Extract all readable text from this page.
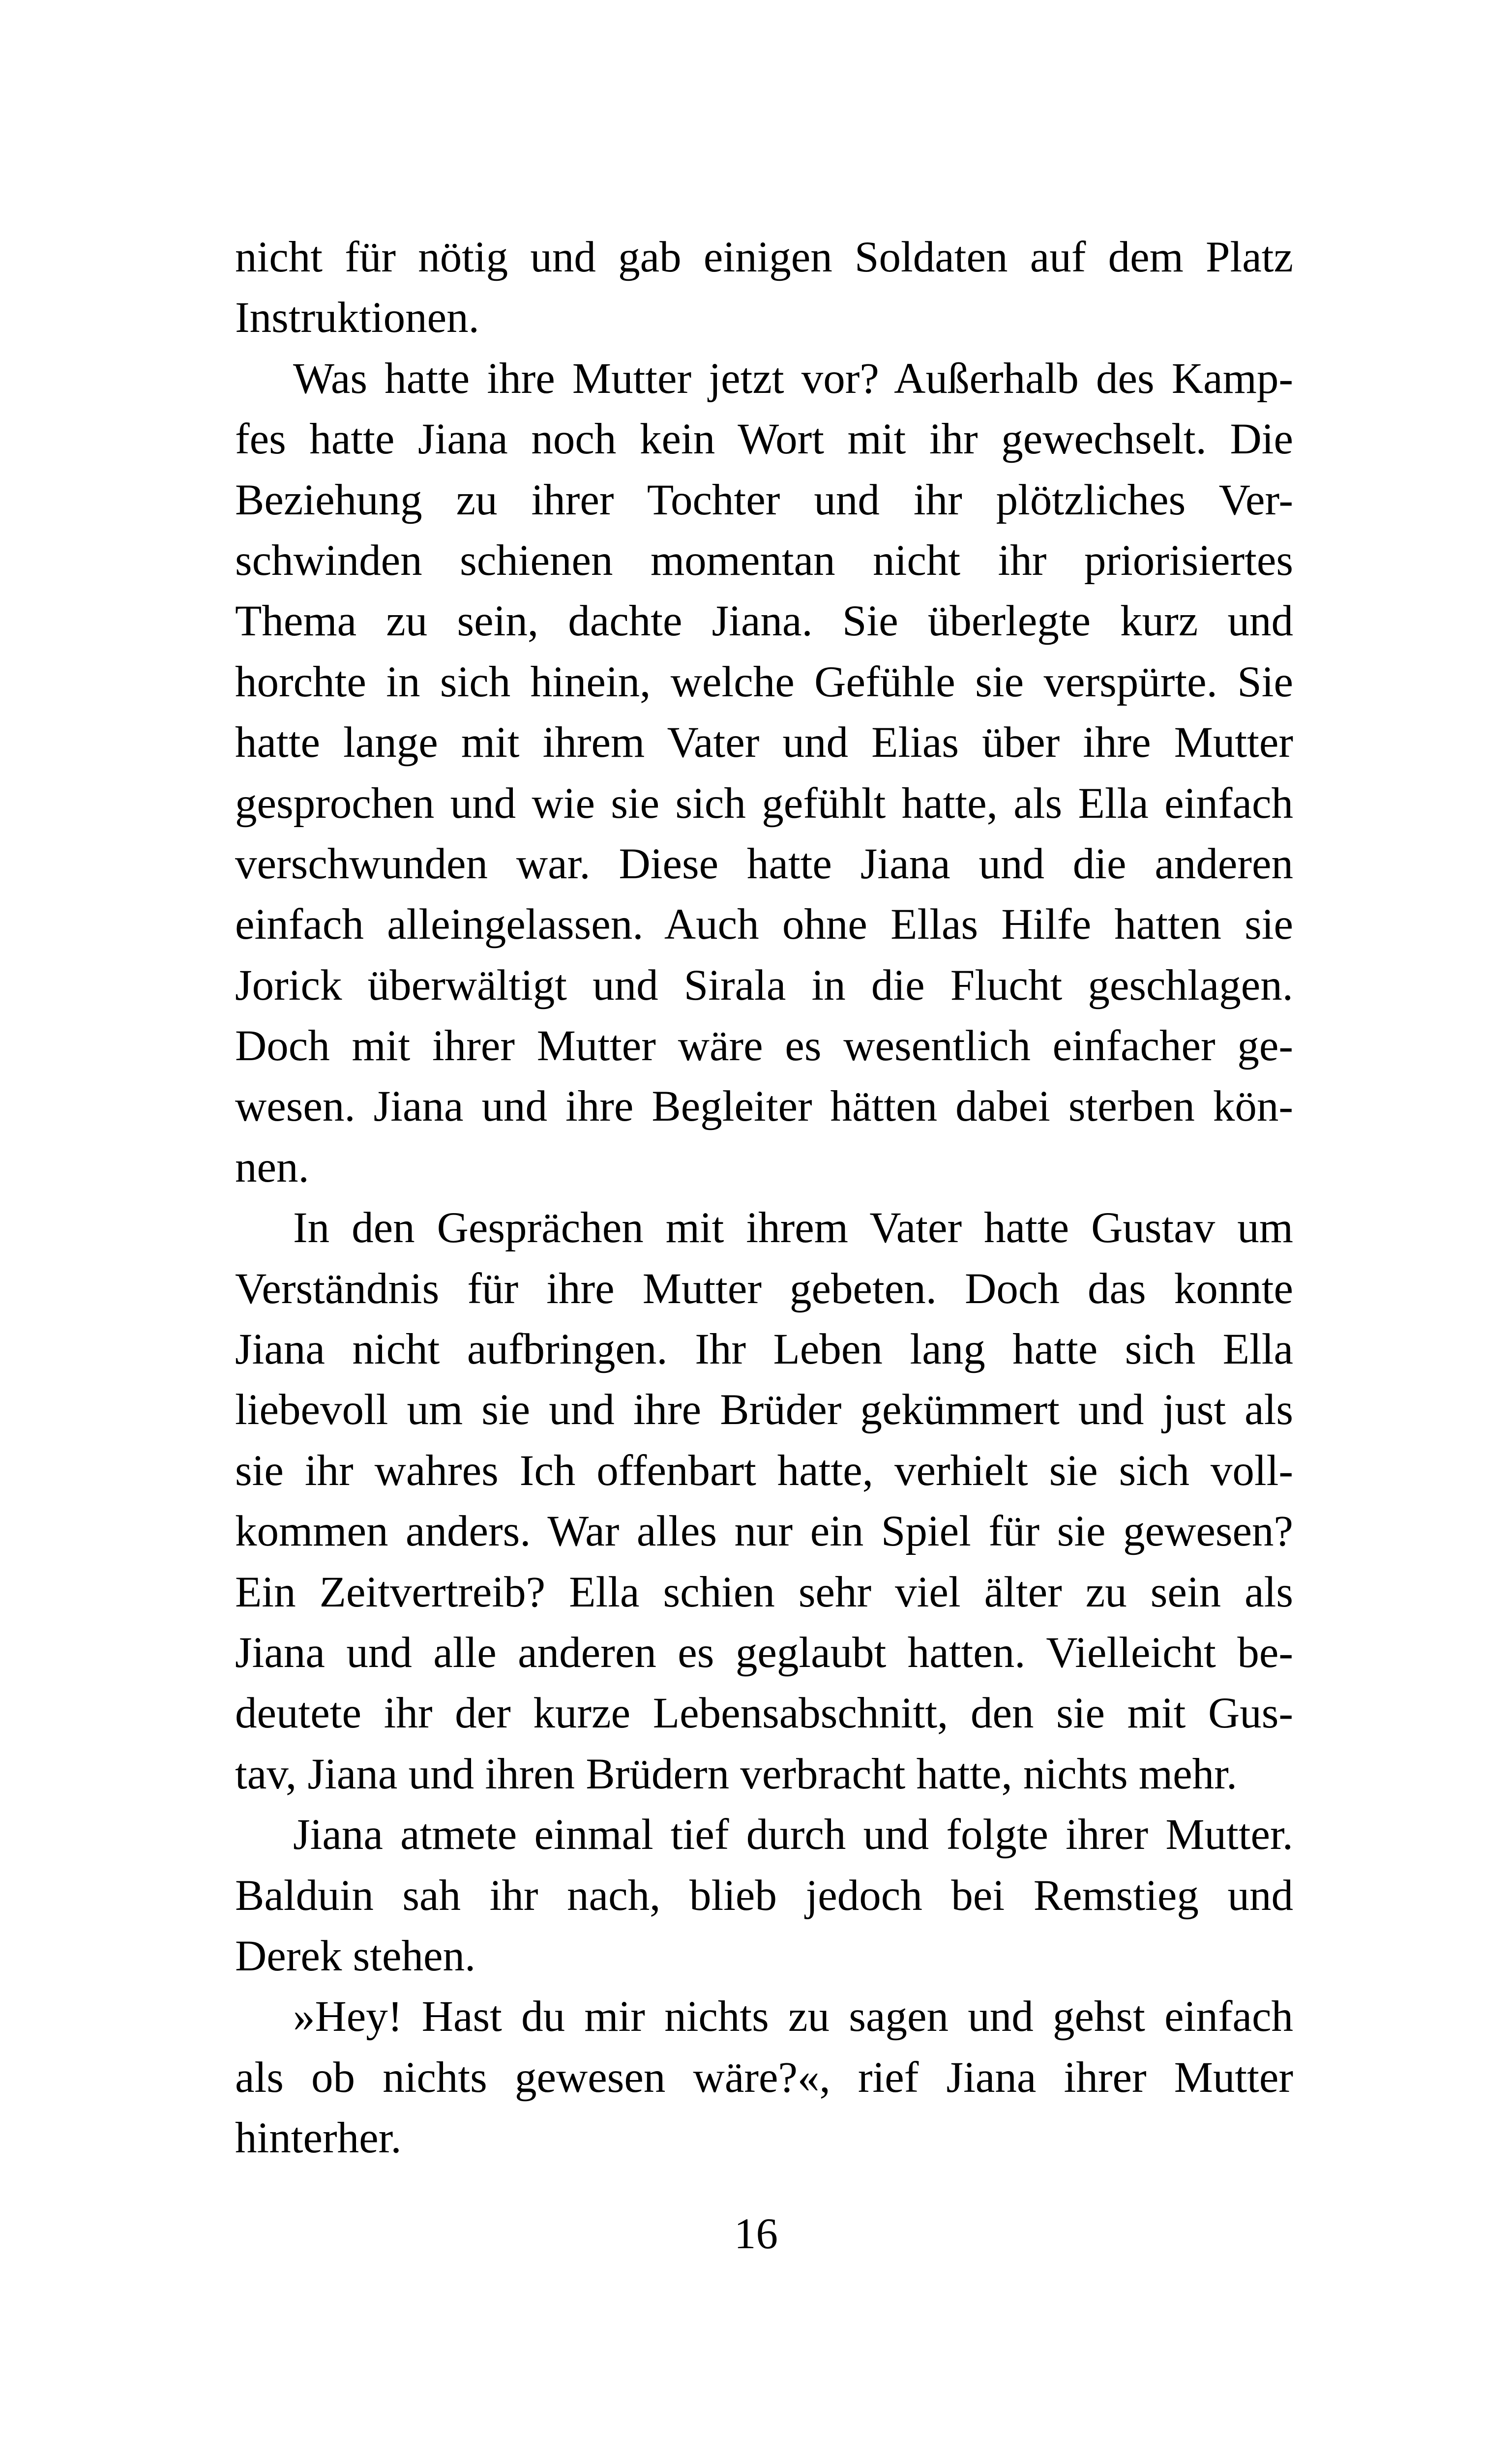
nicht für nötig und gab einigen Soldaten auf dem Platz
Instruktionen.
Was hatte ihre Mutter jetzt vor? Außerhalb des Kamp-
fes hatte Jiana noch kein Wort mit ihr gewechselt. Die
Beziehung zu ihrer Tochter und ihr plötzliches Ver-
schwinden schienen momentan nicht ihr priorisiertes
Thema zu sein, dachte Jiana. Sie überlegte kurz und
horchte in sich hinein, welche Gefühle sie verspürte. Sie
hatte lange mit ihrem Vater und Elias über ihre Mutter
gesprochen und wie sie sich gefühlt hatte, als Ella einfach
verschwunden war. Diese hatte Jiana und die anderen
einfach alleingelassen. Auch ohne Ellas Hilfe hatten sie
Jorick überwältigt und Sirala in die Flucht geschlagen.
Doch mit ihrer Mutter wäre es wesentlich einfacher ge-
wesen. Jiana und ihre Begleiter hätten dabei sterben kön-
nen.
In den Gesprächen mit ihrem Vater hatte Gustav um
Verständnis für ihre Mutter gebeten. Doch das konnte
Jiana nicht aufbringen. Ihr Leben lang hatte sich Ella
liebevoll um sie und ihre Brüder gekümmert und just als
sie ihr wahres Ich offenbart hatte, verhielt sie sich voll-
kommen anders. War alles nur ein Spiel für sie gewesen?
Ein Zeitvertreib? Ella schien sehr viel älter zu sein als
Jiana und alle anderen es geglaubt hatten. Vielleicht be-
deutete ihr der kurze Lebensabschnitt, den sie mit Gus-
tav, Jiana und ihren Brüdern verbracht hatte, nichts mehr.
Jiana atmete einmal tief durch und folgte ihrer Mutter.
Balduin sah ihr nach, blieb jedoch bei Remstieg und
Derek stehen.
»Hey! Hast du mir nichts zu sagen und gehst einfach
als ob nichts gewesen wäre?«, rief Jiana ihrer Mutter
hinterher.
16
